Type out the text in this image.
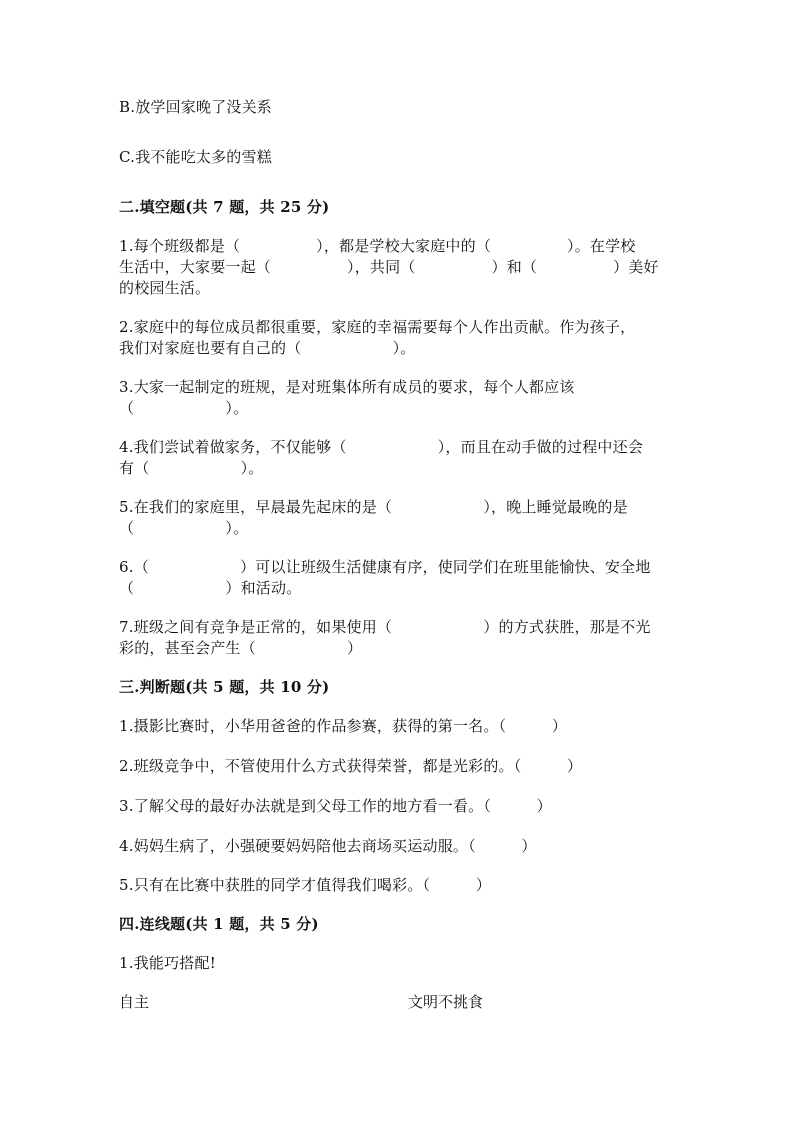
B.放学回家晚了没关系
C.我不能吃太多的雪糕
二.填空题(共 7 题，共 25 分)
1.每个班级都是（　　　　　），都是学校大家庭中的（　　　　　）。在学校
生活中，大家要一起（　　　　　），共同（　　　　　）和（　　　　　）美好
的校园生活。
2.家庭中的每位成员都很重要，家庭的幸福需要每个人作出贡献。作为孩子，
我们对家庭也要有自己的（　　　　　　）。
3.大家一起制定的班规，是对班集体所有成员的要求，每个人都应该
（　　　　　　）。
4.我们尝试着做家务，不仅能够（　　　　　　），而且在动手做的过程中还会
有（　　　　　　）。
5.在我们的家庭里，早晨最先起床的是（　　　　　　），晚上睡觉最晚的是
（　　　　　　）。
6.（　　　　　　）可以让班级生活健康有序，使同学们在班里能愉快、安全地
（　　　　　　）和活动。
7.班级之间有竞争是正常的，如果使用（　　　　　　）的方式获胜，那是不光
彩的，甚至会产生（　　　　　　）
三.判断题(共 5 题，共 10 分)
1.摄影比赛时，小华用爸爸的作品参赛，获得的第一名。（　　　）
2.班级竞争中，不管使用什么方式获得荣誉，都是光彩的。（　　　）
3.了解父母的最好办法就是到父母工作的地方看一看。（　　　）
4.妈妈生病了，小强硬要妈妈陪他去商场买运动服。（　　　）
5.只有在比赛中获胜的同学才值得我们喝彩。（　　　）
四.连线题(共 1 题，共 5 分)
1.我能巧搭配!
自主	文明不挑食
